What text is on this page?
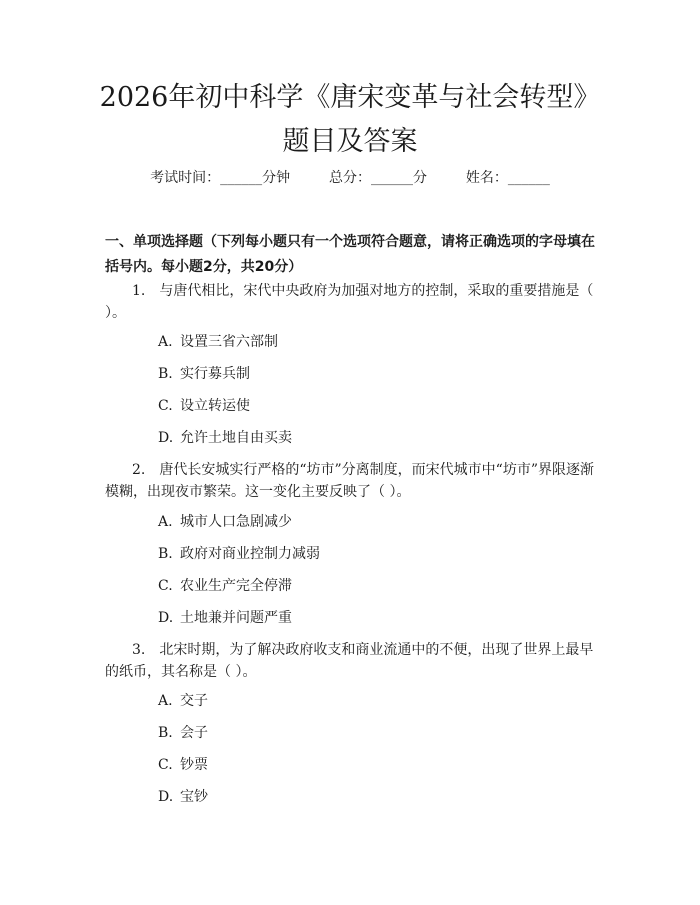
2026年初中科学《唐宋变革与社会转型》题目及答案
考试时间：______分钟	总分：______分	姓名：______
一、单项选择题（下列每小题只有一个选项符合题意，请将正确选项的字母填在括号内。每小题2分，共20分）
1. 与唐代相比，宋代中央政府为加强对地方的控制，采取的重要措施是（ ）。
A. 设置三省六部制
B. 实行募兵制
C. 设立转运使
D. 允许土地自由买卖
2. 唐代长安城实行严格的“坊市”分离制度，而宋代城市中“坊市”界限逐渐模糊，出现夜市繁荣。这一变化主要反映了（ ）。
A. 城市人口急剧减少
B. 政府对商业控制力减弱
C. 农业生产完全停滞
D. 土地兼并问题严重
3. 北宋时期，为了解决政府收支和商业流通中的不便，出现了世界上最早的纸币，其名称是（ ）。
A. 交子
B. 会子
C. 钞票
D. 宝钞
